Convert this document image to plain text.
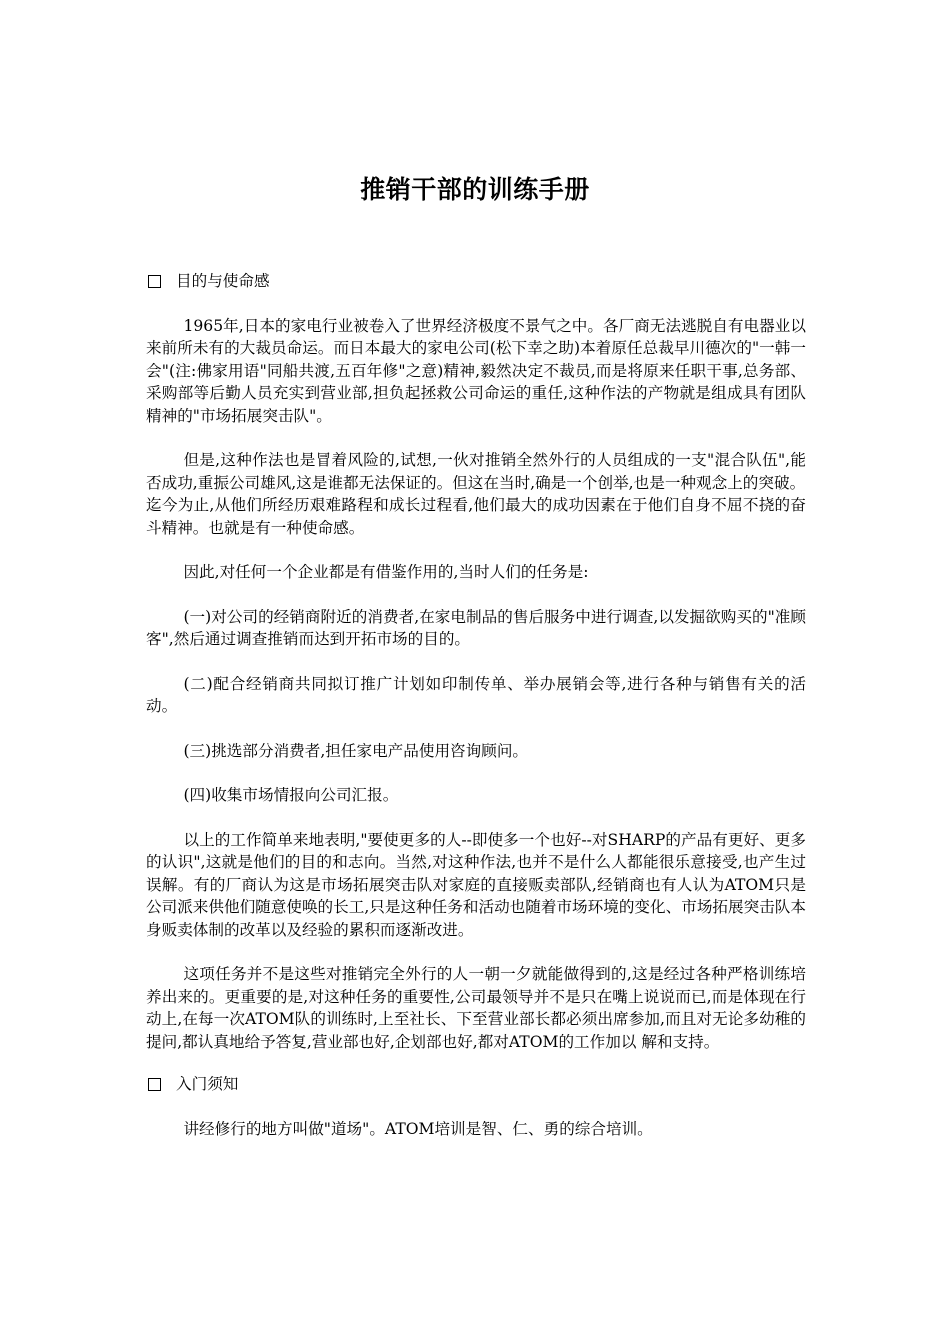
推销干部的训练手册
目的与使命感

1965年,日本的家电行业被卷入了世界经济极度不景气之中。各厂商无法逃脱自有电器业以来前所未有的大裁员命运。而日本最大的家电公司(松下幸之助)本着原任总裁早川德次的"一韩一会"(注:佛家用语"同船共渡,五百年修"之意)精神,毅然决定不裁员,而是将原来任职干事,总务部、采购部等后勤人员充实到营业部,担负起拯救公司命运的重任,这种作法的产物就是组成具有团队精神的"市场拓展突击队"。

但是,这种作法也是冒着风险的,试想,一伙对推销全然外行的人员组成的一支"混合队伍",能否成功,重振公司雄风,这是谁都无法保证的。但这在当时,确是一个创举,也是一种观念上的突破。

迄今为止,从他们所经历艰难路程和成长过程看,他们最大的成功因素在于他们自身不屈不挠的奋斗精神。也就是有一种使命感。

因此,对任何一个企业都是有借鉴作用的,当时人们的任务是:

(一)对公司的经销商附近的消费者,在家电制品的售后服务中进行调查,以发掘欲购买的"准顾客",然后通过调查推销而达到开拓市场的目的。

(二)配合经销商共同拟订推广计划如印制传单、举办展销会等,进行各种与销售有关的活动。

(三)挑选部分消费者,担任家电产品使用咨询顾问。

(四)收集市场情报向公司汇报。

以上的工作简单来地表明,"要使更多的人--即使多一个也好--对SHARP的产品有更好、更多的认识",这就是他们的目的和志向。当然,对这种作法,也并不是什么人都能很乐意接受,也产生过误解。有的厂商认为这是市场拓展突击队对家庭的直接贩卖部队,经销商也有人认为ATOM只是公司派来供他们随意使唤的长工,只是这种任务和活动也随着市场环境的变化、市场拓展突击队本身贩卖体制的改革以及经验的累积而逐渐改进。

这项任务并不是这些对推销完全外行的人一朝一夕就能做得到的,这是经过各种严格训练培养出来的。更重要的是,对这种任务的重要性,公司最领导并不是只在嘴上说说而已,而是体现在行动上,在每一次ATOM队的训练时,上至社长、下至营业部长都必须出席参加,而且对无论多幼稚的提问,都认真地给予答复,营业部也好,企划部也好,都对ATOM的工作加以 解和支持。

入门须知

讲经修行的地方叫做"道场"。ATOM培训是智、仁、勇的综合培训。
